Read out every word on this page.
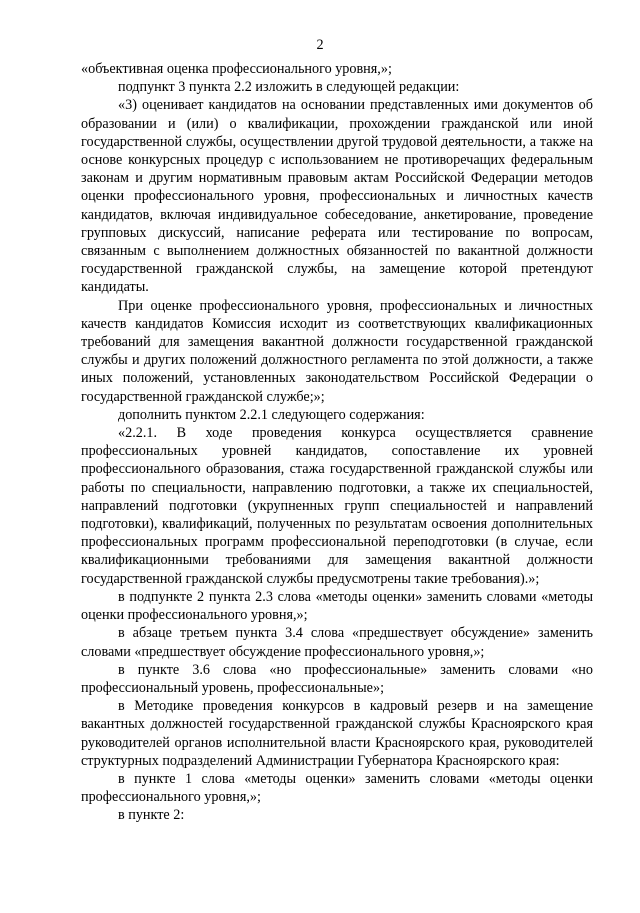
2

«объективная оценка профессионального уровня,»;

подпункт 3 пункта 2.2 изложить в следующей редакции:

«3) оценивает кандидатов на основании представленных ими документов об образовании и (или) о квалификации, прохождении гражданской или иной государственной службы, осуществлении другой трудовой деятельности, а также на основе конкурсных процедур с использованием не противоречащих федеральным законам и другим нормативным правовым актам Российской Федерации методов оценки профессионального уровня, профессиональных и личностных качеств кандидатов, включая индивидуальное собеседование, анкетирование, проведение групповых дискуссий, написание реферата или тестирование по вопросам, связанным с выполнением должностных обязанностей по вакантной должности государственной гражданской службы, на замещение которой претендуют кандидаты.

При оценке профессионального уровня, профессиональных и личностных качеств кандидатов Комиссия исходит из соответствующих квалификационных требований для замещения вакантной должности государственной гражданской службы и других положений должностного регламента по этой должности, а также иных положений, установленных законодательством Российской Федерации о государственной гражданской службе;»;

дополнить пунктом 2.2.1 следующего содержания:

«2.2.1. В ходе проведения конкурса осуществляется сравнение профессиональных уровней кандидатов, сопоставление их уровней профессионального образования, стажа государственной гражданской службы или работы по специальности, направлению подготовки, а также их специальностей, направлений подготовки (укрупненных групп специальностей и направлений подготовки), квалификаций, полученных по результатам освоения дополнительных профессиональных программ профессиональной переподготовки (в случае, если квалификационными требованиями для замещения вакантной должности государственной гражданской службы предусмотрены такие требования).»;

в подпункте 2 пункта 2.3 слова «методы оценки» заменить словами «методы оценки профессионального уровня,»;

в абзаце третьем пункта 3.4 слова «предшествует обсуждение» заменить словами «предшествует обсуждение профессионального уровня,»;

в пункте 3.6 слова «но профессиональные» заменить словами «но профессиональный уровень, профессиональные»;

в Методике проведения конкурсов в кадровый резерв и на замещение вакантных должностей государственной гражданской службы Красноярского края руководителей органов исполнительной власти Красноярского края, руководителей структурных подразделений Администрации Губернатора Красноярского края:

в пункте 1 слова «методы оценки» заменить словами «методы оценки профессионального уровня,»;

в пункте 2:
